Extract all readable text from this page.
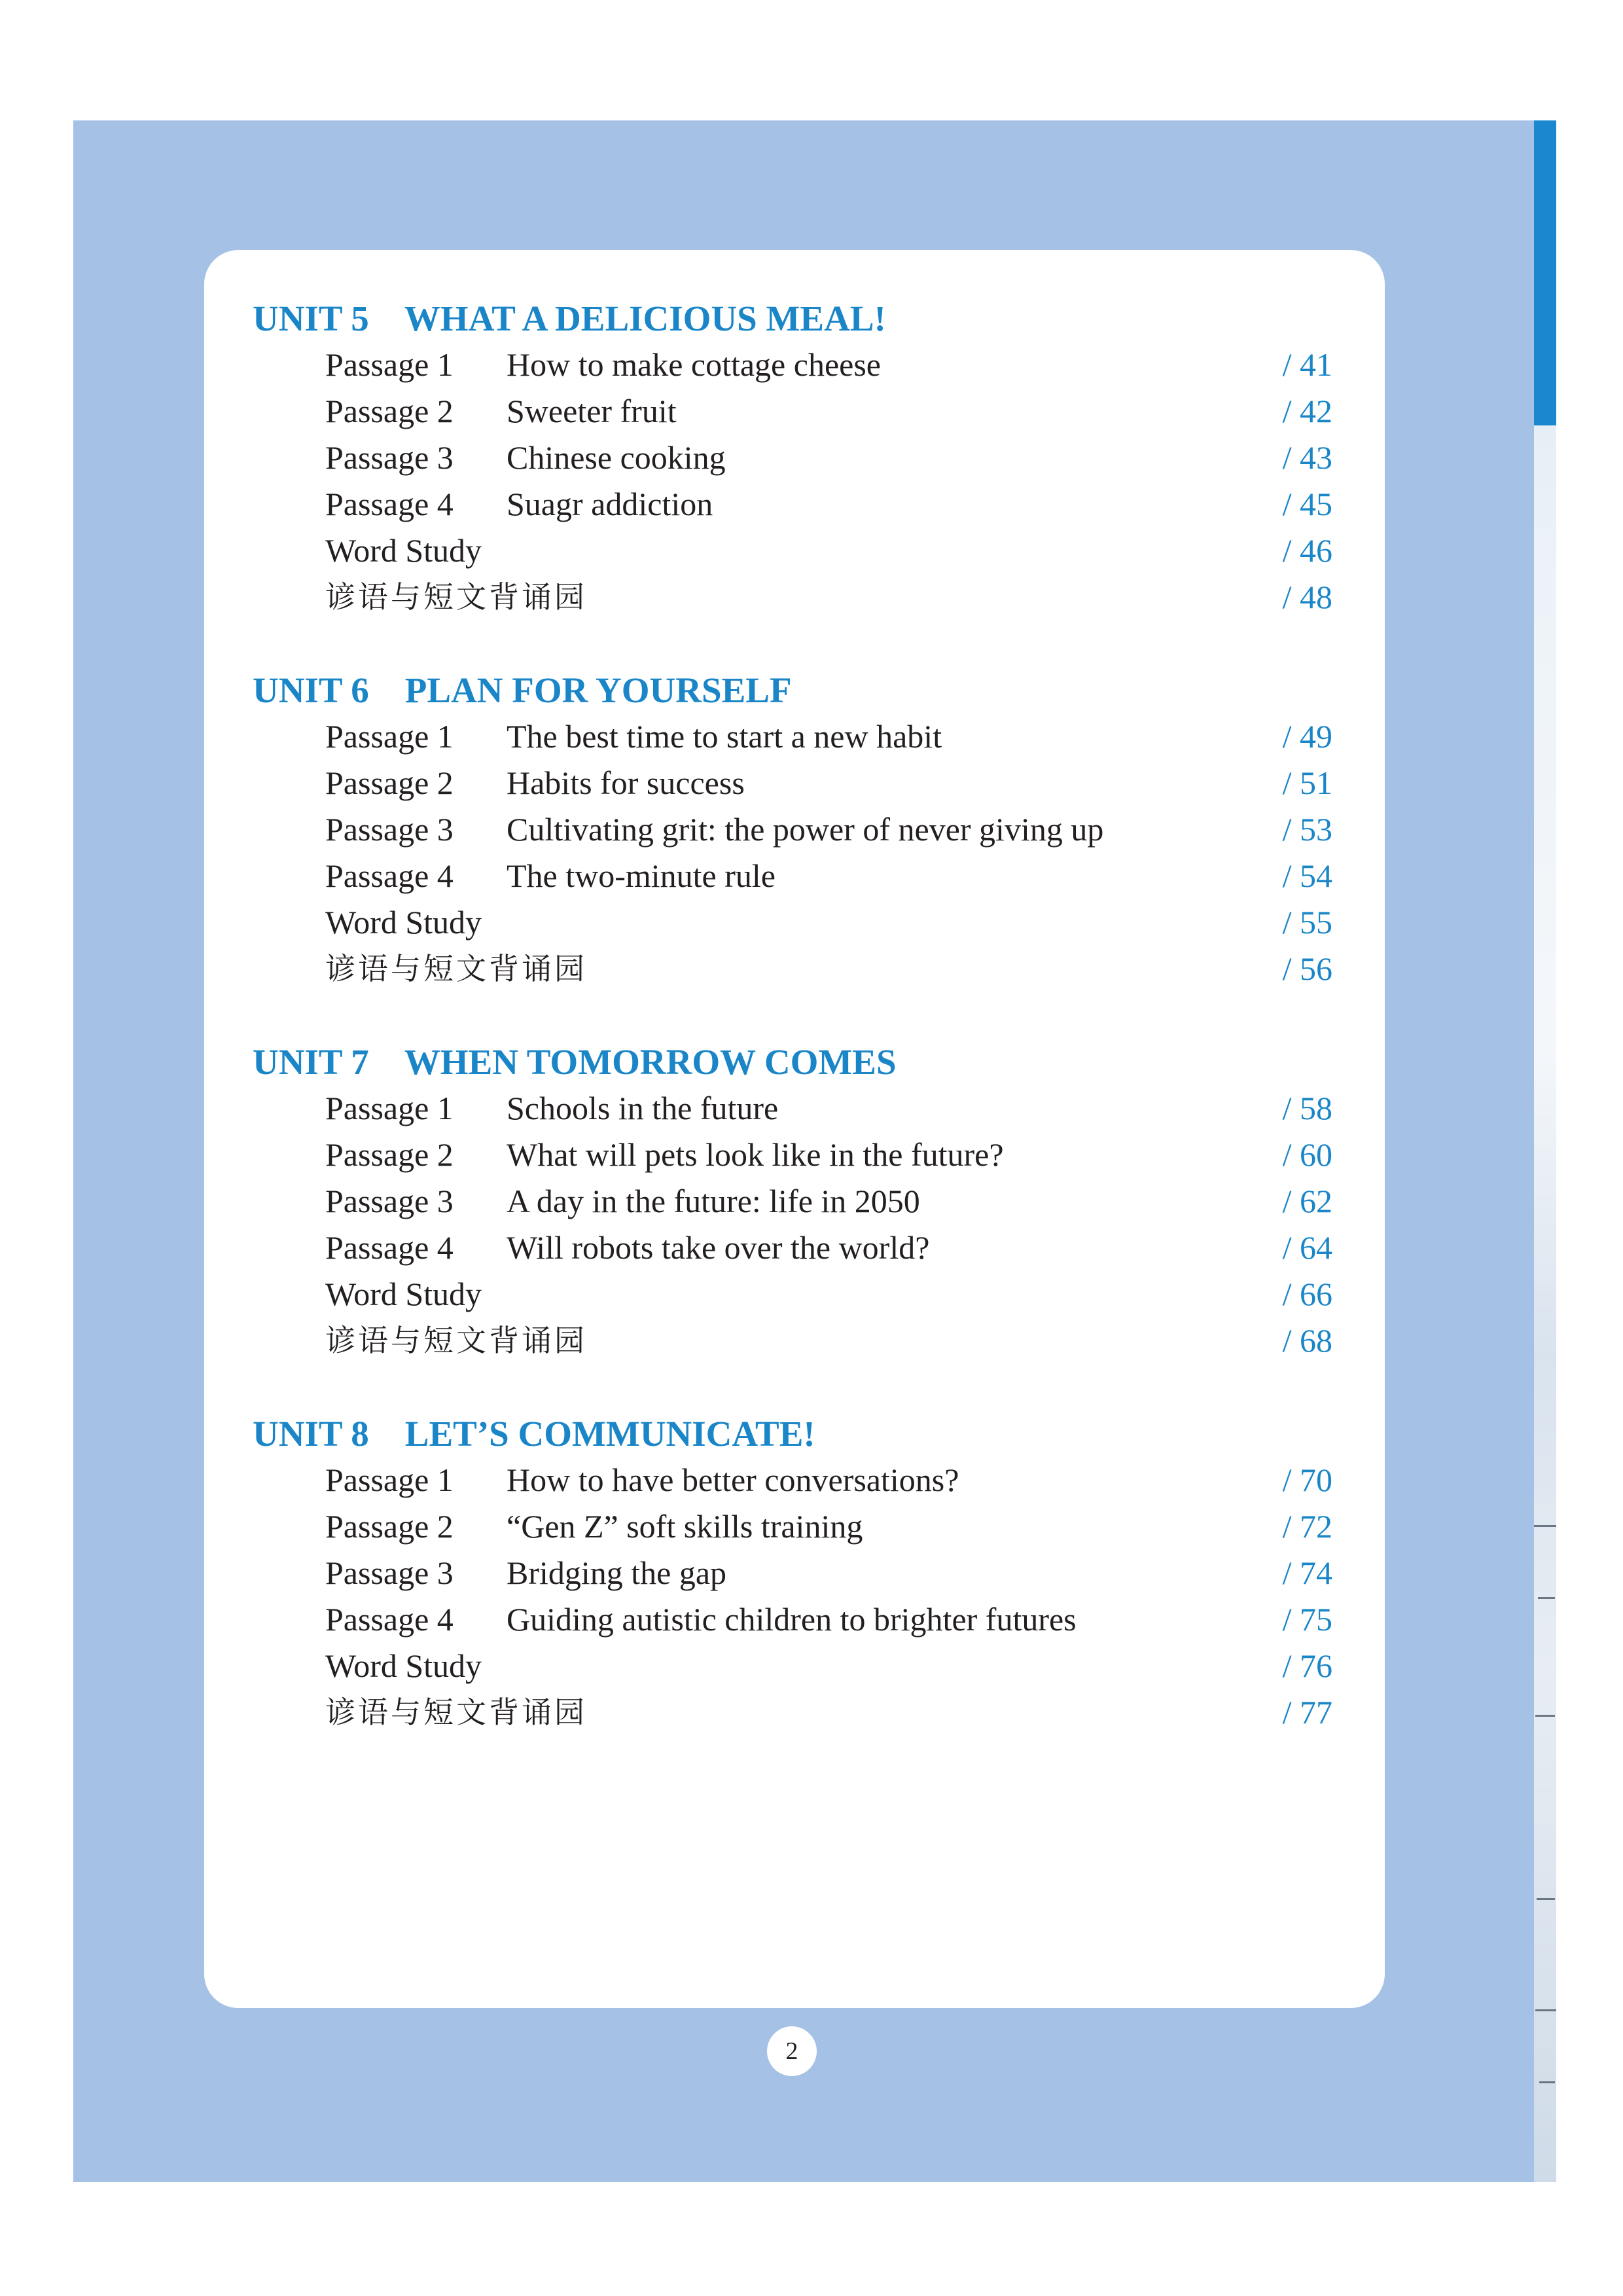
UNIT 5    WHAT A DELICIOUS MEAL!
Passage 1 How to make cottage cheese	/ 41
Passage 2 Sweeter fruit	/ 42
Passage 3 Chinese cooking	/ 43
Passage 4 Suagr addiction	/ 45
Word Study	/ 46
谚语与短文背诵园	/ 48
UNIT 6    PLAN FOR YOURSELF
Passage 1 The best time to start a new habit	/ 49
Passage 2 Habits for success	/ 51
Passage 3 Cultivating grit: the power of never giving up	/ 53
Passage 4 The two-minute rule	/ 54
Word Study	/ 55
谚语与短文背诵园	/ 56
UNIT 7    WHEN TOMORROW COMES
Passage 1 Schools in the future	/ 58
Passage 2 What will pets look like in the future?	/ 60
Passage 3 A day in the future: life in 2050	/ 62
Passage 4 Will robots take over the world?	/ 64
Word Study	/ 66
谚语与短文背诵园	/ 68
UNIT 8    LET’S COMMUNICATE!
Passage 1 How to have better conversations?	/ 70
Passage 2 “Gen Z” soft skills training	/ 72
Passage 3 Bridging the gap	/ 74
Passage 4 Guiding autistic children to brighter futures	/ 75
Word Study	/ 76
谚语与短文背诵园	/ 77
2
